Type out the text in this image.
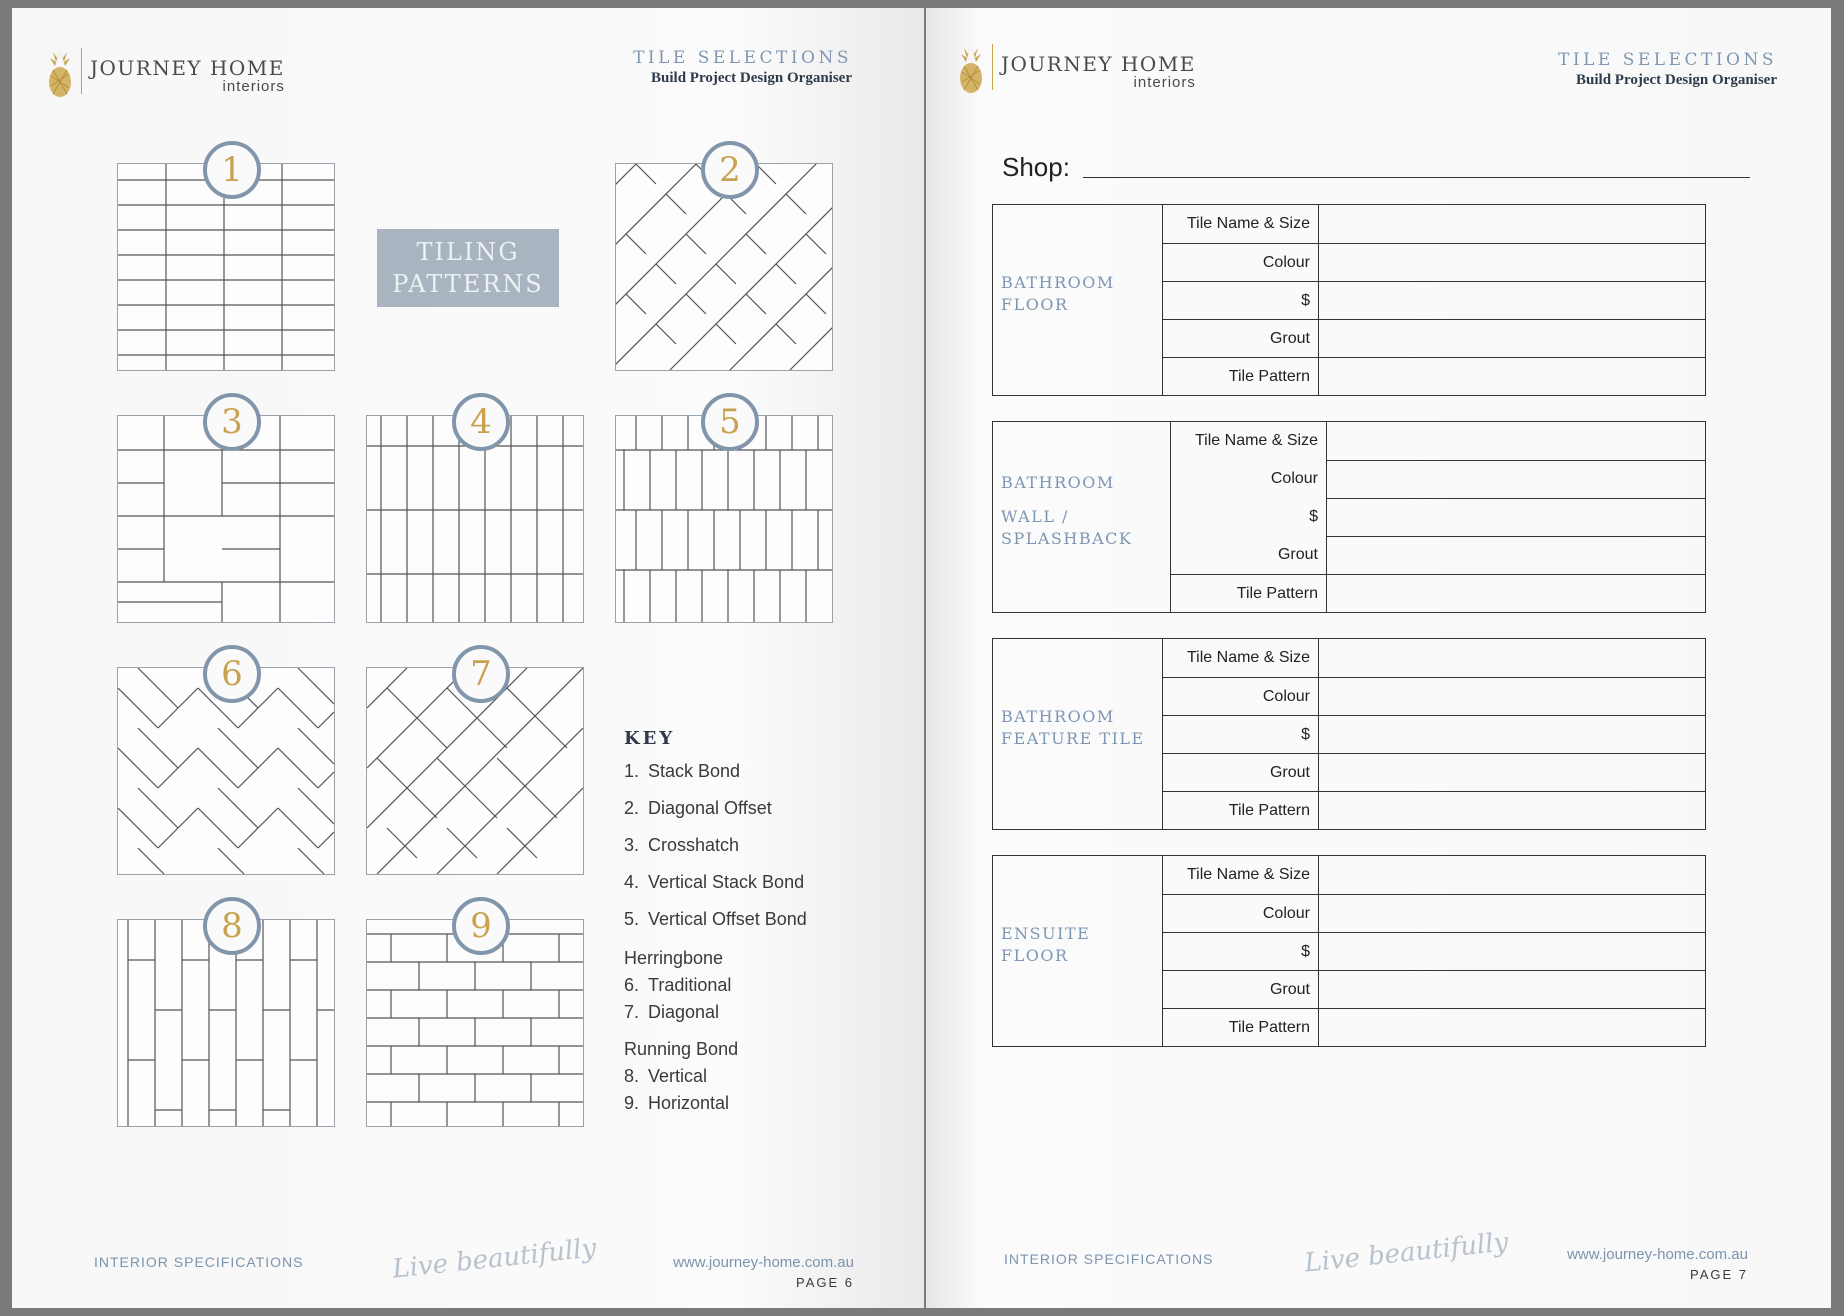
JOURNEY HOME
interiors
TILE SELECTIONS
Build Project Design Organiser
1
TILING
PATTERNS
2
3	4	5
6	7
8	9
KEY
1. Stack Bond
2. Diagonal Offset
3. Crosshatch
4. Vertical Stack Bond
5. Vertical Offset Bond
Herringbone
6. Traditional
7. Diagonal
Running Bond
8. Vertical
9. Horizontal
INTERIOR SPECIFICATIONS	Live beautifully	www.journey-home.com.au
PAGE 6
JOURNEY HOME
interiors
TILE SELECTIONS
Build Project Design Organiser
Shop:
BATHROOM
FLOOR
Tile Name & Size
Colour
$
Grout
Tile Pattern
BATHROOM
WALL /
SPLASHBACK
Tile Name & Size
Colour
$
Grout
Tile Pattern
BATHROOM
FEATURE TILE
Tile Name & Size
Colour
$
Grout
Tile Pattern
ENSUITE
FLOOR
Tile Name & Size
Colour
$
Grout
Tile Pattern
INTERIOR SPECIFICATIONS	Live beautifully	www.journey-home.com.au
PAGE 7
